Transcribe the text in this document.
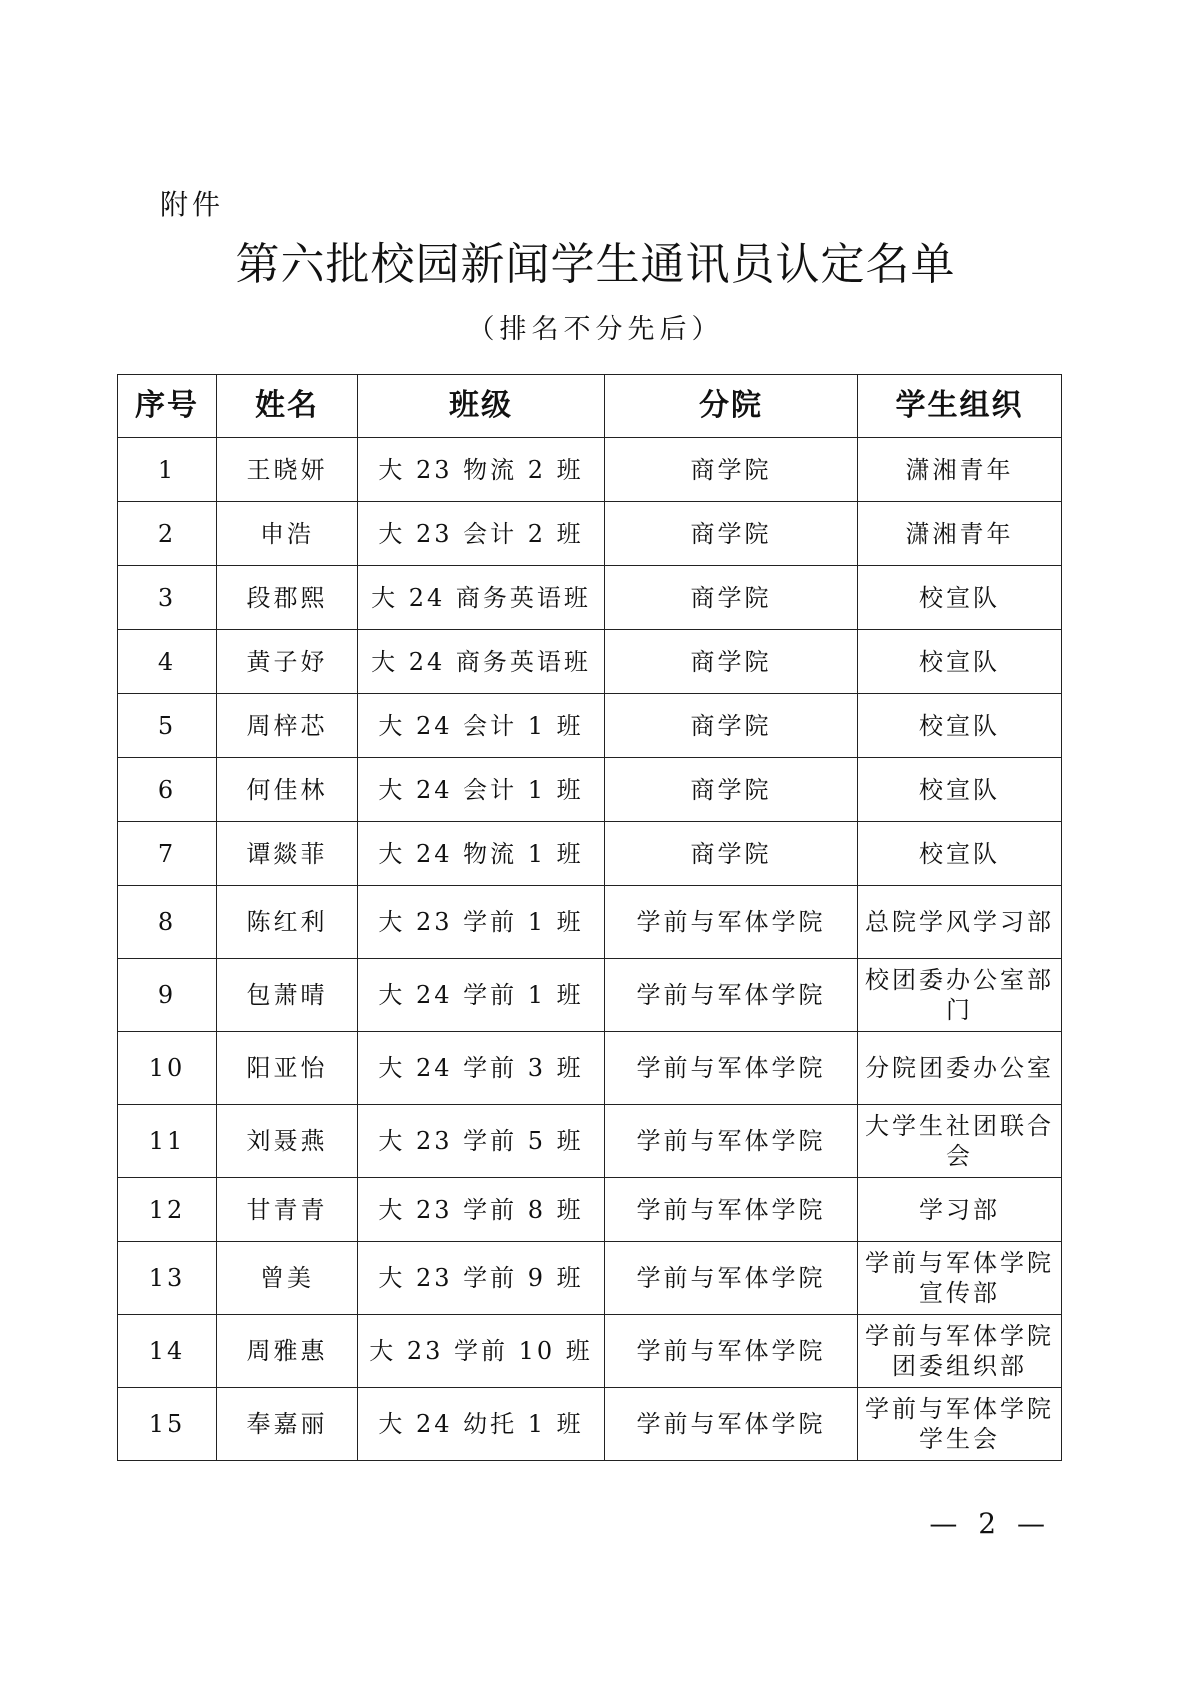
附件
第六批校园新闻学生通讯员认定名单
（排名不分先后）
序号	姓名	班级	分院	学生组织
1	王晓妍	大 23 物流 2 班	商学院	潇湘青年
2	申浩	大 23 会计 2 班	商学院	潇湘青年
3	段郡熙	大 24 商务英语班	商学院	校宣队
4	黄子妤	大 24 商务英语班	商学院	校宣队
5	周梓芯	大 24 会计 1 班	商学院	校宣队
6	何佳林	大 24 会计 1 班	商学院	校宣队
7	谭燚菲	大 24 物流 1 班	商学院	校宣队
8	陈红利	大 23 学前 1 班	学前与军体学院	总院学风学习部
9	包萧晴	大 24 学前 1 班	学前与军体学院	校团委办公室部门
10	阳亚怡	大 24 学前 3 班	学前与军体学院	分院团委办公室
11	刘聂燕	大 23 学前 5 班	学前与军体学院	大学生社团联合会
12	甘青青	大 23 学前 8 班	学前与军体学院	学习部
13	曾美	大 23 学前 9 班	学前与军体学院	学前与军体学院宣传部
14	周雅惠	大 23 学前 10 班	学前与军体学院	学前与军体学院团委组织部
15	奉嘉丽	大 24 幼托 1 班	学前与军体学院	学前与军体学院学生会
— 2 —
